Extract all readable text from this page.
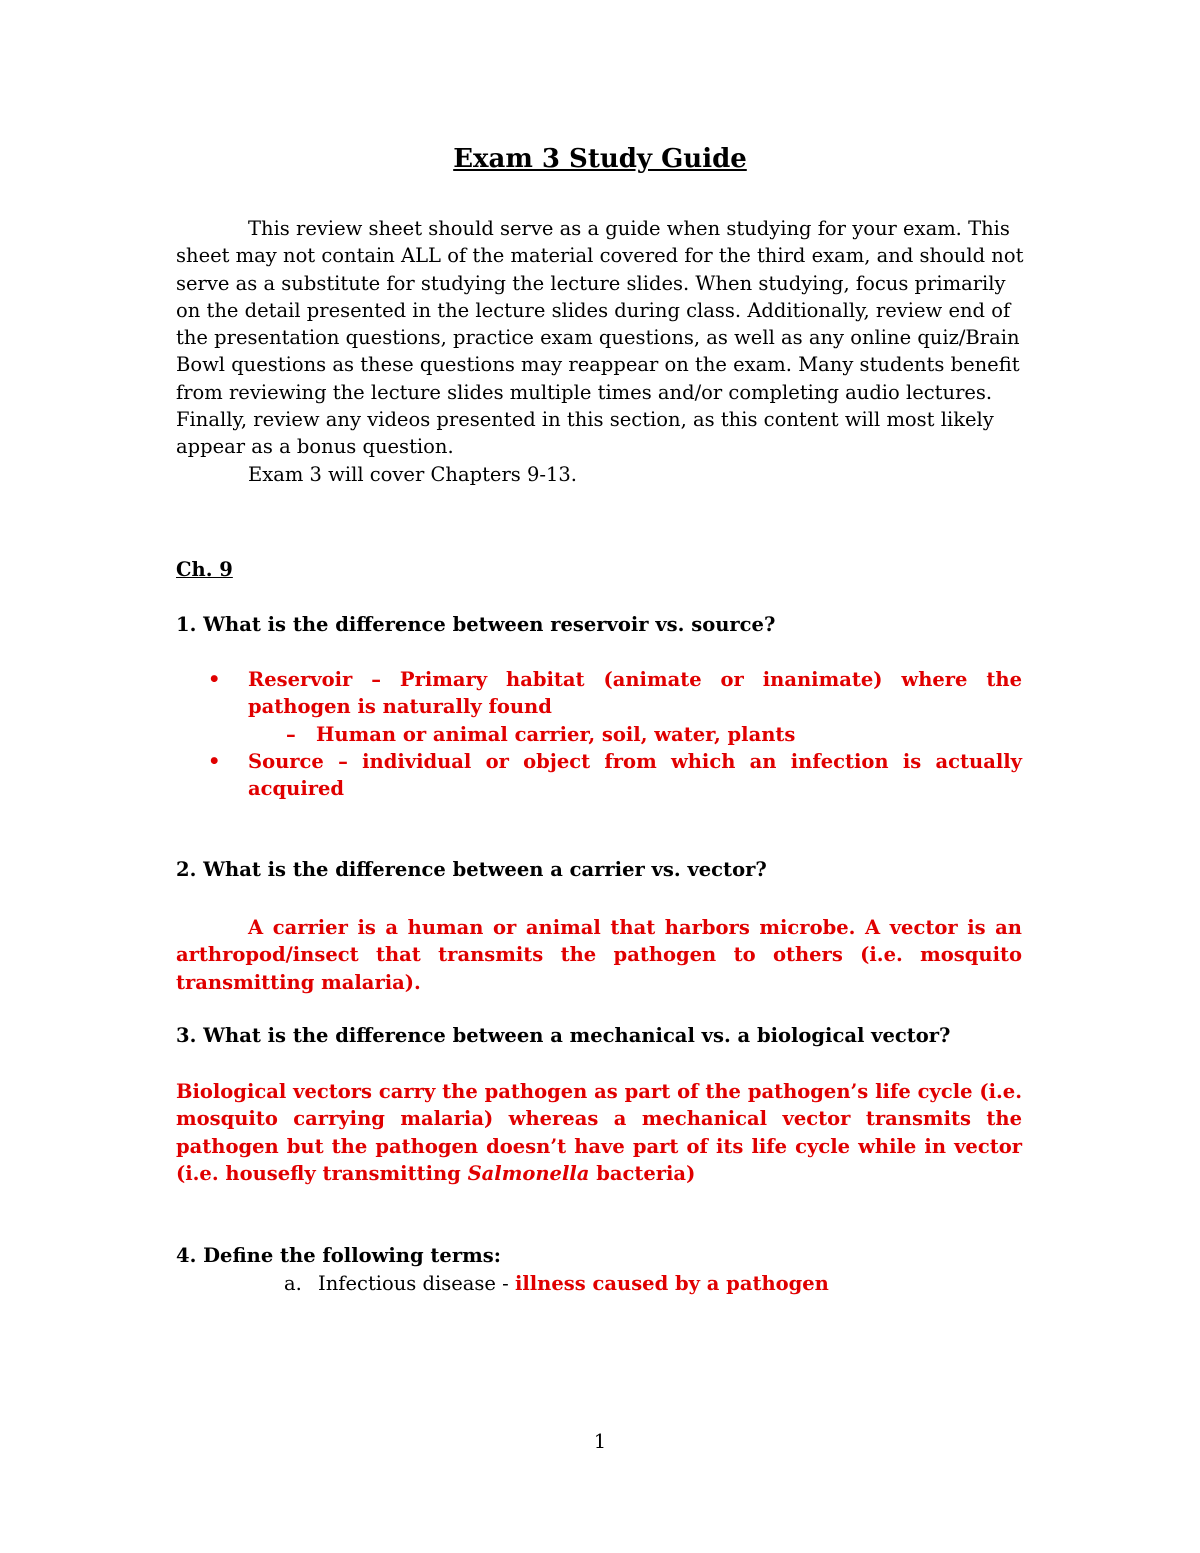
Exam 3 Study Guide

This review sheet should serve as a guide when studying for your exam. This sheet may not contain ALL of the material covered for the third exam, and should not serve as a substitute for studying the lecture slides. When studying, focus primarily on the detail presented in the lecture slides during class. Additionally, review end of the presentation questions, practice exam questions, as well as any online quiz/Brain Bowl questions as these questions may reappear on the exam. Many students benefit from reviewing the lecture slides multiple times and/or completing audio lectures. Finally, review any videos presented in this section, as this content will most likely appear as a bonus question.

Exam 3 will cover Chapters 9-13.

Ch. 9
1. What is the difference between reservoir vs. source?
• Reservoir – Primary habitat (animate or inanimate) where the pathogen is naturally found
– Human or animal carrier, soil, water, plants
• Source – individual or object from which an infection is actually acquired
2. What is the difference between a carrier vs. vector?
A carrier is a human or animal that harbors microbe. A vector is an arthropod/insect that transmits the pathogen to others (i.e. mosquito transmitting malaria).
3. What is the difference between a mechanical vs. a biological vector?
Biological vectors carry the pathogen as part of the pathogen’s life cycle (i.e. mosquito carrying malaria) whereas a mechanical vector transmits the pathogen but the pathogen doesn’t have part of its life cycle while in vector (i.e. housefly transmitting Salmonella bacteria)
4. Define the following terms:
a. Infectious disease - illness caused by a pathogen
1
